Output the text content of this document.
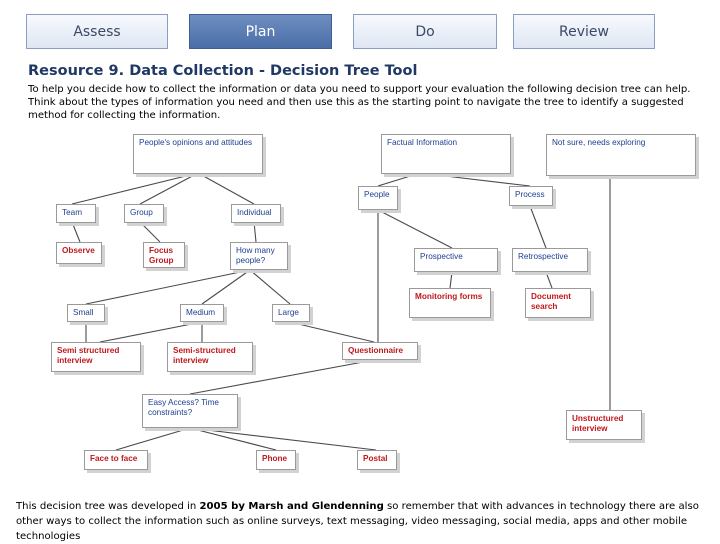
Assess	Plan	Do	Review
Resource 9. Data Collection - Decision Tree Tool
To help you decide how to collect the information or data you need to support your evaluation the following decision tree can help. Think about the types of information you need and then use this as the starting point to navigate the tree to identify a suggested method for collecting the information.
People's opinions and attitudes	Factual Information	Not sure, needs exploring
Team	Group	Individual
People	Process
Observe	Focus Group
How many people?	Prospective	Retrospective
Small	Medium	Large
Monitoring forms	Document search
Semi structured interview
Semi-structured interview
Questionnaire
Easy Access? Time constraints?
Unstructured interview
Face to face	Phone	Postal
This decision tree was developed in 2005 by Marsh and Glendenning so remember that with advances in technology there are also other ways to collect the information such as online surveys, text messaging, video messaging, social media, apps and other mobile technologies
